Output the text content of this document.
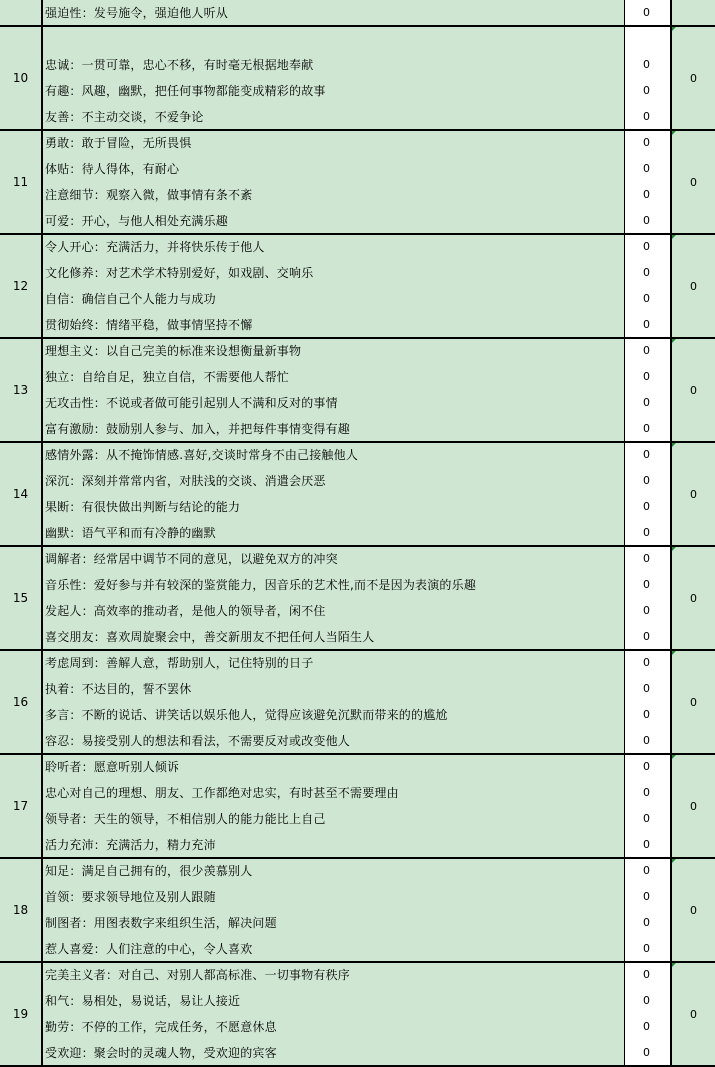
强迫性：发号施令，强迫他人听从	0
10
忠诚：一贯可靠，忠心不移，有时毫无根据地奉献	0
有趣：风趣，幽默，把任何事物都能变成精彩的故事	0
友善：不主动交谈，不爱争论	0
0
11
勇敢：敢于冒险，无所畏惧	0
体贴：待人得体，有耐心	0
注意细节：观察入微，做事情有条不紊	0
可爱：开心，与他人相处充满乐趣	0
0
12
令人开心：充满活力，并将快乐传于他人	0
文化修养：对艺术学术特别爱好，如戏剧、交响乐	0
自信：确信自己个人能力与成功	0
贯彻始终：情绪平稳，做事情坚持不懈	0
0
13
理想主义：以自己完美的标准来设想衡量新事物	0
独立：自给自足，独立自信，不需要他人帮忙	0
无攻击性：不说或者做可能引起别人不满和反对的事情	0
富有激励：鼓励别人参与、加入，并把每件事情变得有趣	0
0
14
感情外露：从不掩饰情感.喜好,交谈时常身不由己接触他人	0
深沉：深刻并常常内省，对肤浅的交谈、消遣会厌恶	0
果断：有很快做出判断与结论的能力	0
幽默：语气平和而有冷静的幽默	0
0
15
调解者：经常居中调节不同的意见，以避免双方的冲突	0
音乐性：爱好参与并有较深的鉴赏能力，因音乐的艺术性,而不是因为表演的乐趣	0
发起人：高效率的推动者，是他人的领导者，闲不住	0
喜交朋友：喜欢周旋聚会中，善交新朋友不把任何人当陌生人	0
0
16
考虑周到：善解人意，帮助别人，记住特别的日子	0
执着：不达目的，誓不罢休	0
多言：不断的说话、讲笑话以娱乐他人，觉得应该避免沉默而带来的的尴尬	0
容忍：易接受别人的想法和看法，不需要反对或改变他人	0
0
17
聆听者：愿意听别人倾诉	0
忠心对自己的理想、朋友、工作都绝对忠实，有时甚至不需要理由	0
领导者：天生的领导，不相信别人的能力能比上自己	0
活力充沛：充满活力，精力充沛	0
0
18
知足：满足自己拥有的，很少羡慕别人	0
首领：要求领导地位及别人跟随	0
制图者：用图表数字来组织生活，解决问题	0
惹人喜爱：人们注意的中心，令人喜欢	0
0
19
完美主义者：对自己、对别人都高标准、一切事物有秩序	0
和气：易相处，易说话，易让人接近	0
勤劳：不停的工作，完成任务，不愿意休息	0
受欢迎：聚会时的灵魂人物，受欢迎的宾客	0
0
